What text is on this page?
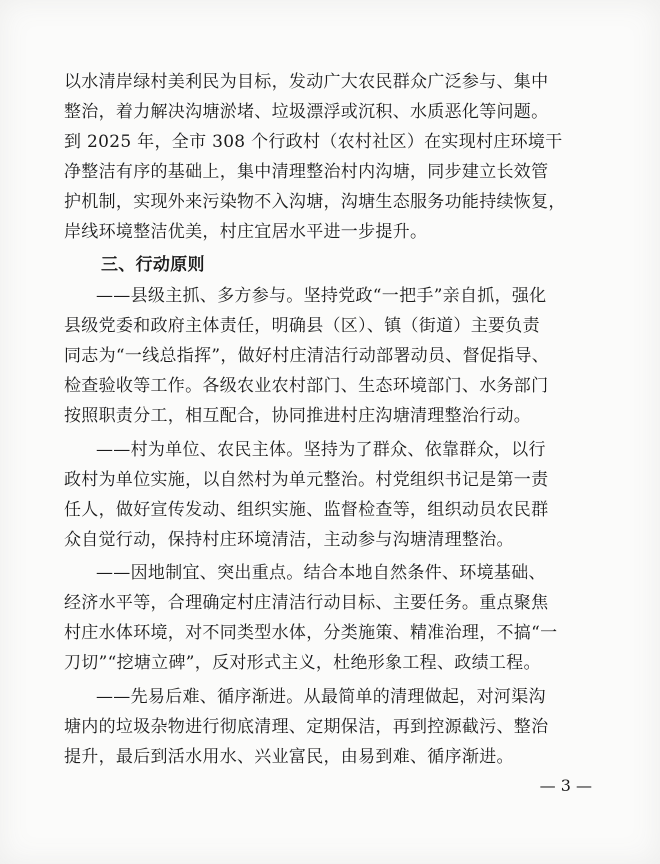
以水清岸绿村美利民为目标，发动广大农民群众广泛参与、集中
整治，着力解决沟塘淤堵、垃圾漂浮或沉积、水质恶化等问题。
到 2025 年，全市 308 个行政村（农村社区）在实现村庄环境干
净整洁有序的基础上，集中清理整治村内沟塘，同步建立长效管
护机制，实现外来污染物不入沟塘，沟塘生态服务功能持续恢复，
岸线环境整洁优美，村庄宜居水平进一步提升。
三、行动原则
——县级主抓、多方参与。坚持党政“一把手”亲自抓，强化
县级党委和政府主体责任，明确县（区）、镇（街道）主要负责
同志为“一线总指挥”，做好村庄清洁行动部署动员、督促指导、
检查验收等工作。各级农业农村部门、生态环境部门、水务部门
按照职责分工，相互配合，协同推进村庄沟塘清理整治行动。
——村为单位、农民主体。坚持为了群众、依靠群众，以行
政村为单位实施，以自然村为单元整治。村党组织书记是第一责
任人，做好宣传发动、组织实施、监督检查等，组织动员农民群
众自觉行动，保持村庄环境清洁，主动参与沟塘清理整治。
——因地制宜、突出重点。结合本地自然条件、环境基础、
经济水平等，合理确定村庄清洁行动目标、主要任务。重点聚焦
村庄水体环境，对不同类型水体，分类施策、精准治理，不搞“一
刀切”“挖塘立碑”，反对形式主义，杜绝形象工程、政绩工程。
——先易后难、循序渐进。从最简单的清理做起，对河渠沟
塘内的垃圾杂物进行彻底清理、定期保洁，再到控源截污、整治
提升，最后到活水用水、兴业富民，由易到难、循序渐进。
— 3 —
